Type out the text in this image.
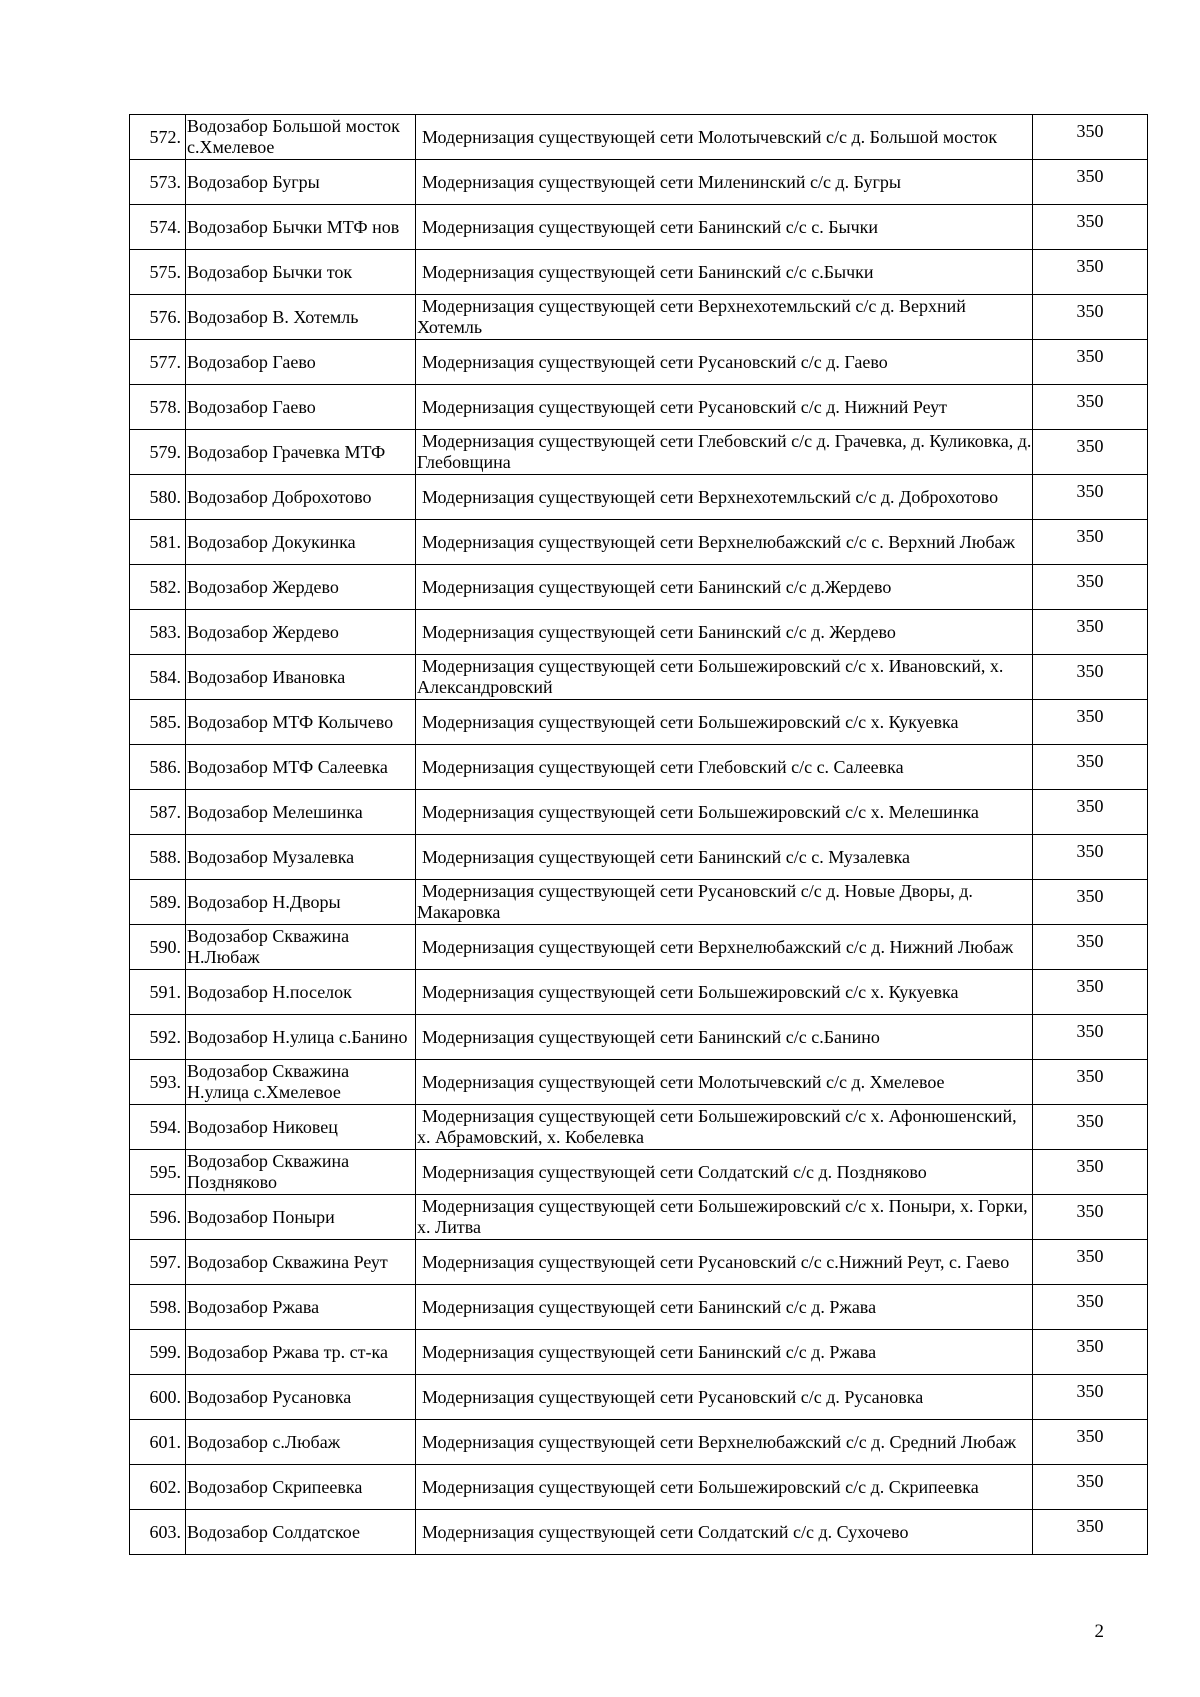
572.	Водозабор Большой мосток с.Хмелевое	Модернизация существующей сети Молотычевский с/с д. Большой мосток	350
573.	Водозабор Бугры	Модернизация существующей сети Миленинский с/с д. Бугры	350
574.	Водозабор Бычки МТФ нов	Модернизация существующей сети Банинский с/с с. Бычки	350
575.	Водозабор Бычки ток	Модернизация существующей сети Банинский с/с с.Бычки	350
576.	Водозабор В. Хотемль	Модернизация существующей сети Верхнехотемльский с/с д. Верхний Хотемль	350
577.	Водозабор Гаево	Модернизация существующей сети Русановский с/с д. Гаево	350
578.	Водозабор Гаево	Модернизация существующей сети Русановский с/с д. Нижний Реут	350
579.	Водозабор Грачевка МТФ	Модернизация существующей сети Глебовский с/с д. Грачевка, д. Куликовка, д. Глебовщина	350
580.	Водозабор Доброхотово	Модернизация существующей сети Верхнехотемльский с/с д. Доброхотово	350
581.	Водозабор Докукинка	Модернизация существующей сети Верхнелюбажский с/с с. Верхний Любаж	350
582.	Водозабор Жердево	Модернизация существующей сети Банинский с/с д.Жердево	350
583.	Водозабор Жердево	Модернизация существующей сети Банинский с/с д. Жердево	350
584.	Водозабор Ивановка	Модернизация существующей сети Большежировский с/с х. Ивановский, х. Александровский	350
585.	Водозабор МТФ Колычево	Модернизация существующей сети Большежировский с/с х. Кукуевка	350
586.	Водозабор МТФ Салеевка	Модернизация существующей сети Глебовский с/с с. Салеевка	350
587.	Водозабор Мелешинка	Модернизация существующей сети Большежировский с/с х. Мелешинка	350
588.	Водозабор Музалевка	Модернизация существующей сети Банинский с/с с. Музалевка	350
589.	Водозабор Н.Дворы	Модернизация существующей сети Русановский с/с д. Новые Дворы, д. Макаровка	350
590.	Водозабор Скважина Н.Любаж	Модернизация существующей сети Верхнелюбажский с/с д. Нижний Любаж	350
591.	Водозабор Н.поселок	Модернизация существующей сети Большежировский с/с х. Кукуевка	350
592.	Водозабор Н.улица с.Банино	Модернизация существующей сети Банинский с/с с.Банино	350
593.	Водозабор Скважина Н.улица с.Хмелевое	Модернизация существующей сети Молотычевский с/с д. Хмелевое	350
594.	Водозабор Никовец	Модернизация существующей сети Большежировский с/с х. Афонюшенский, х. Абрамовский, х. Кобелевка	350
595.	Водозабор Скважина Поздняково	Модернизация существующей сети Солдатский с/с д. Поздняково	350
596.	Водозабор Поныри	Модернизация существующей сети Большежировский с/с х. Поныри, х. Горки, х. Литва	350
597.	Водозабор Скважина Реут	Модернизация существующей сети Русановский с/с с.Нижний Реут, с. Гаево	350
598.	Водозабор Ржава	Модернизация существующей сети Банинский с/с д. Ржава	350
599.	Водозабор Ржава тр. ст-ка	Модернизация существующей сети Банинский с/с д. Ржава	350
600.	Водозабор Русановка	Модернизация существующей сети Русановский с/с д. Русановка	350
601.	Водозабор с.Любаж	Модернизация существующей сети Верхнелюбажский с/с д. Средний Любаж	350
602.	Водозабор Скрипеевка	Модернизация существующей сети Большежировский с/с д. Скрипеевка	350
603.	Водозабор Солдатское	Модернизация существующей сети Солдатский с/с д. Сухочево	350
2
